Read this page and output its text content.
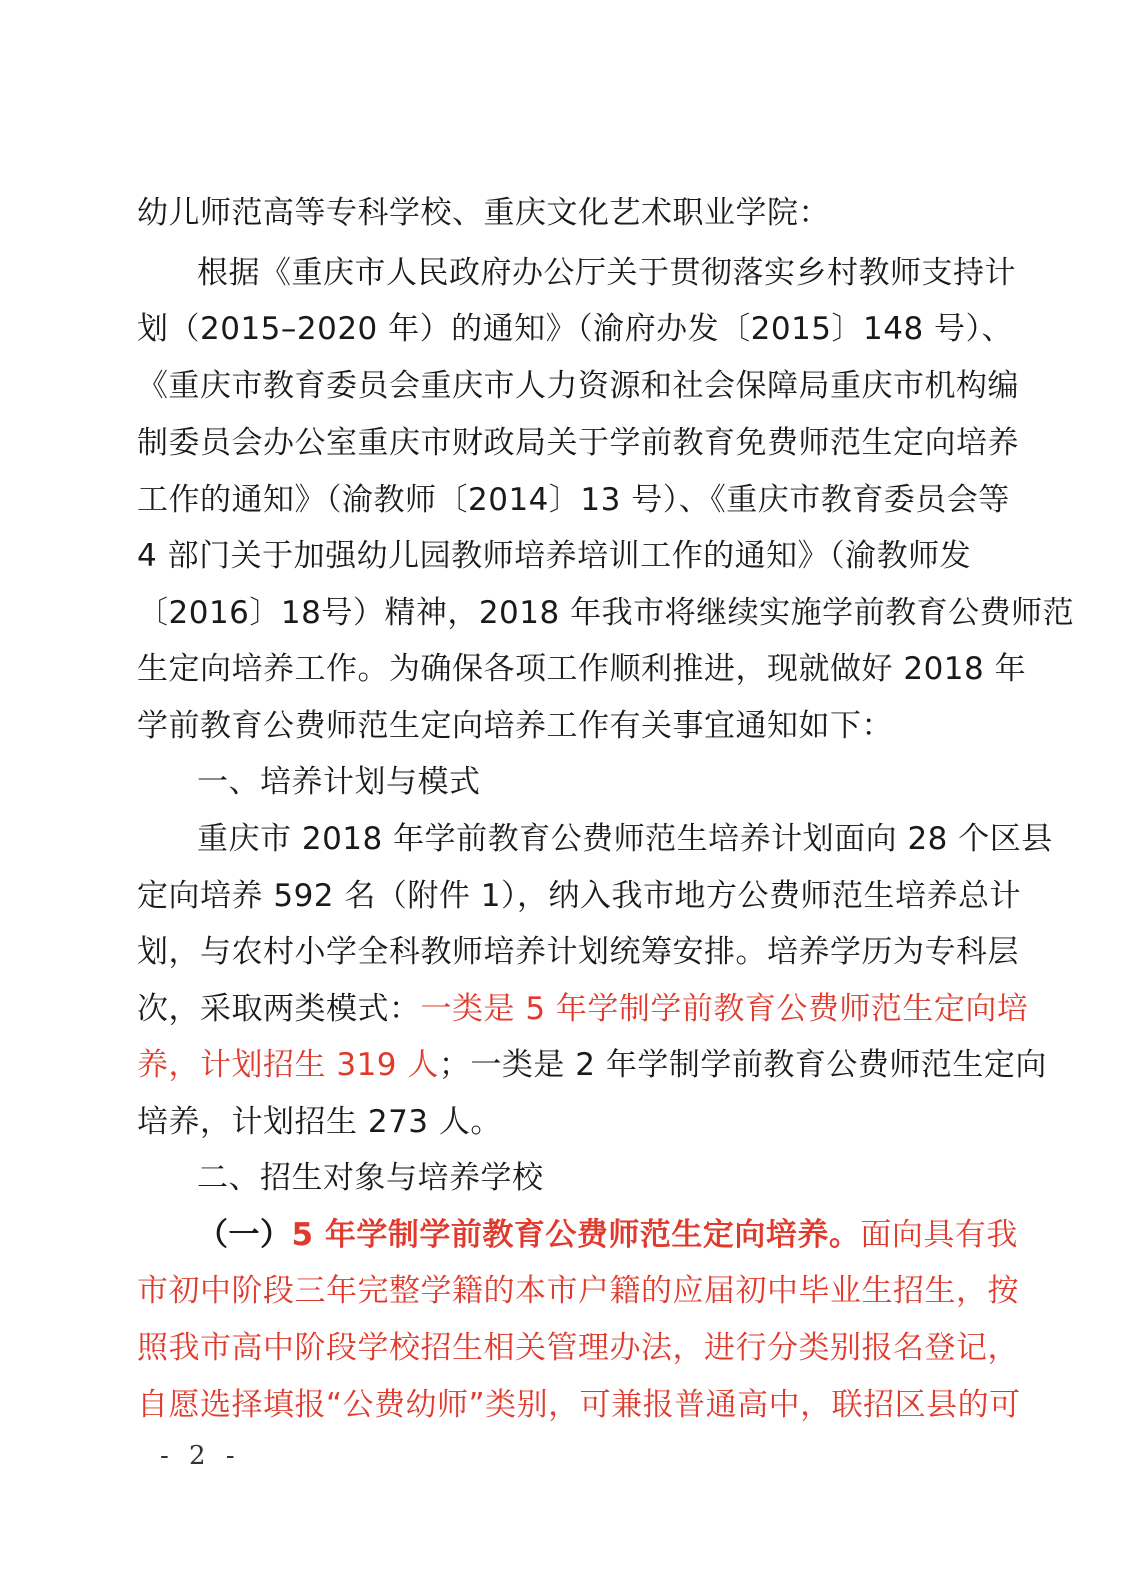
幼儿师范高等专科学校、重庆文化艺术职业学院：
根据《重庆市人民政府办公厅关于贯彻落实乡村教师支持计
划（2015–2020 年）的通知》（渝府办发〔2015〕148 号）、
《重庆市教育委员会重庆市人力资源和社会保障局重庆市机构编
制委员会办公室重庆市财政局关于学前教育免费师范生定向培养
工作的通知》（渝教师〔2014〕13 号）、《重庆市教育委员会等
4 部门关于加强幼儿园教师培养培训工作的通知》（渝教师发
〔2016〕18号）精神，2018 年我市将继续实施学前教育公费师范
生定向培养工作。为确保各项工作顺利推进，现就做好 2018 年
学前教育公费师范生定向培养工作有关事宜通知如下：
一、培养计划与模式
重庆市 2018 年学前教育公费师范生培养计划面向 28 个区县
定向培养 592 名（附件 1），纳入我市地方公费师范生培养总计
划，与农村小学全科教师培养计划统筹安排。培养学历为专科层
次，采取两类模式：一类是 5 年学制学前教育公费师范生定向培
养，计划招生 319 人；一类是 2 年学制学前教育公费师范生定向
培养，计划招生 273 人。
二、招生对象与培养学校
（一）5 年学制学前教育公费师范生定向培养。面向具有我
市初中阶段三年完整学籍的本市户籍的应届初中毕业生招生，按
照我市高中阶段学校招生相关管理办法，进行分类别报名登记，
自愿选择填报“公费幼师”类别，可兼报普通高中，联招区县的可
- 2 -
